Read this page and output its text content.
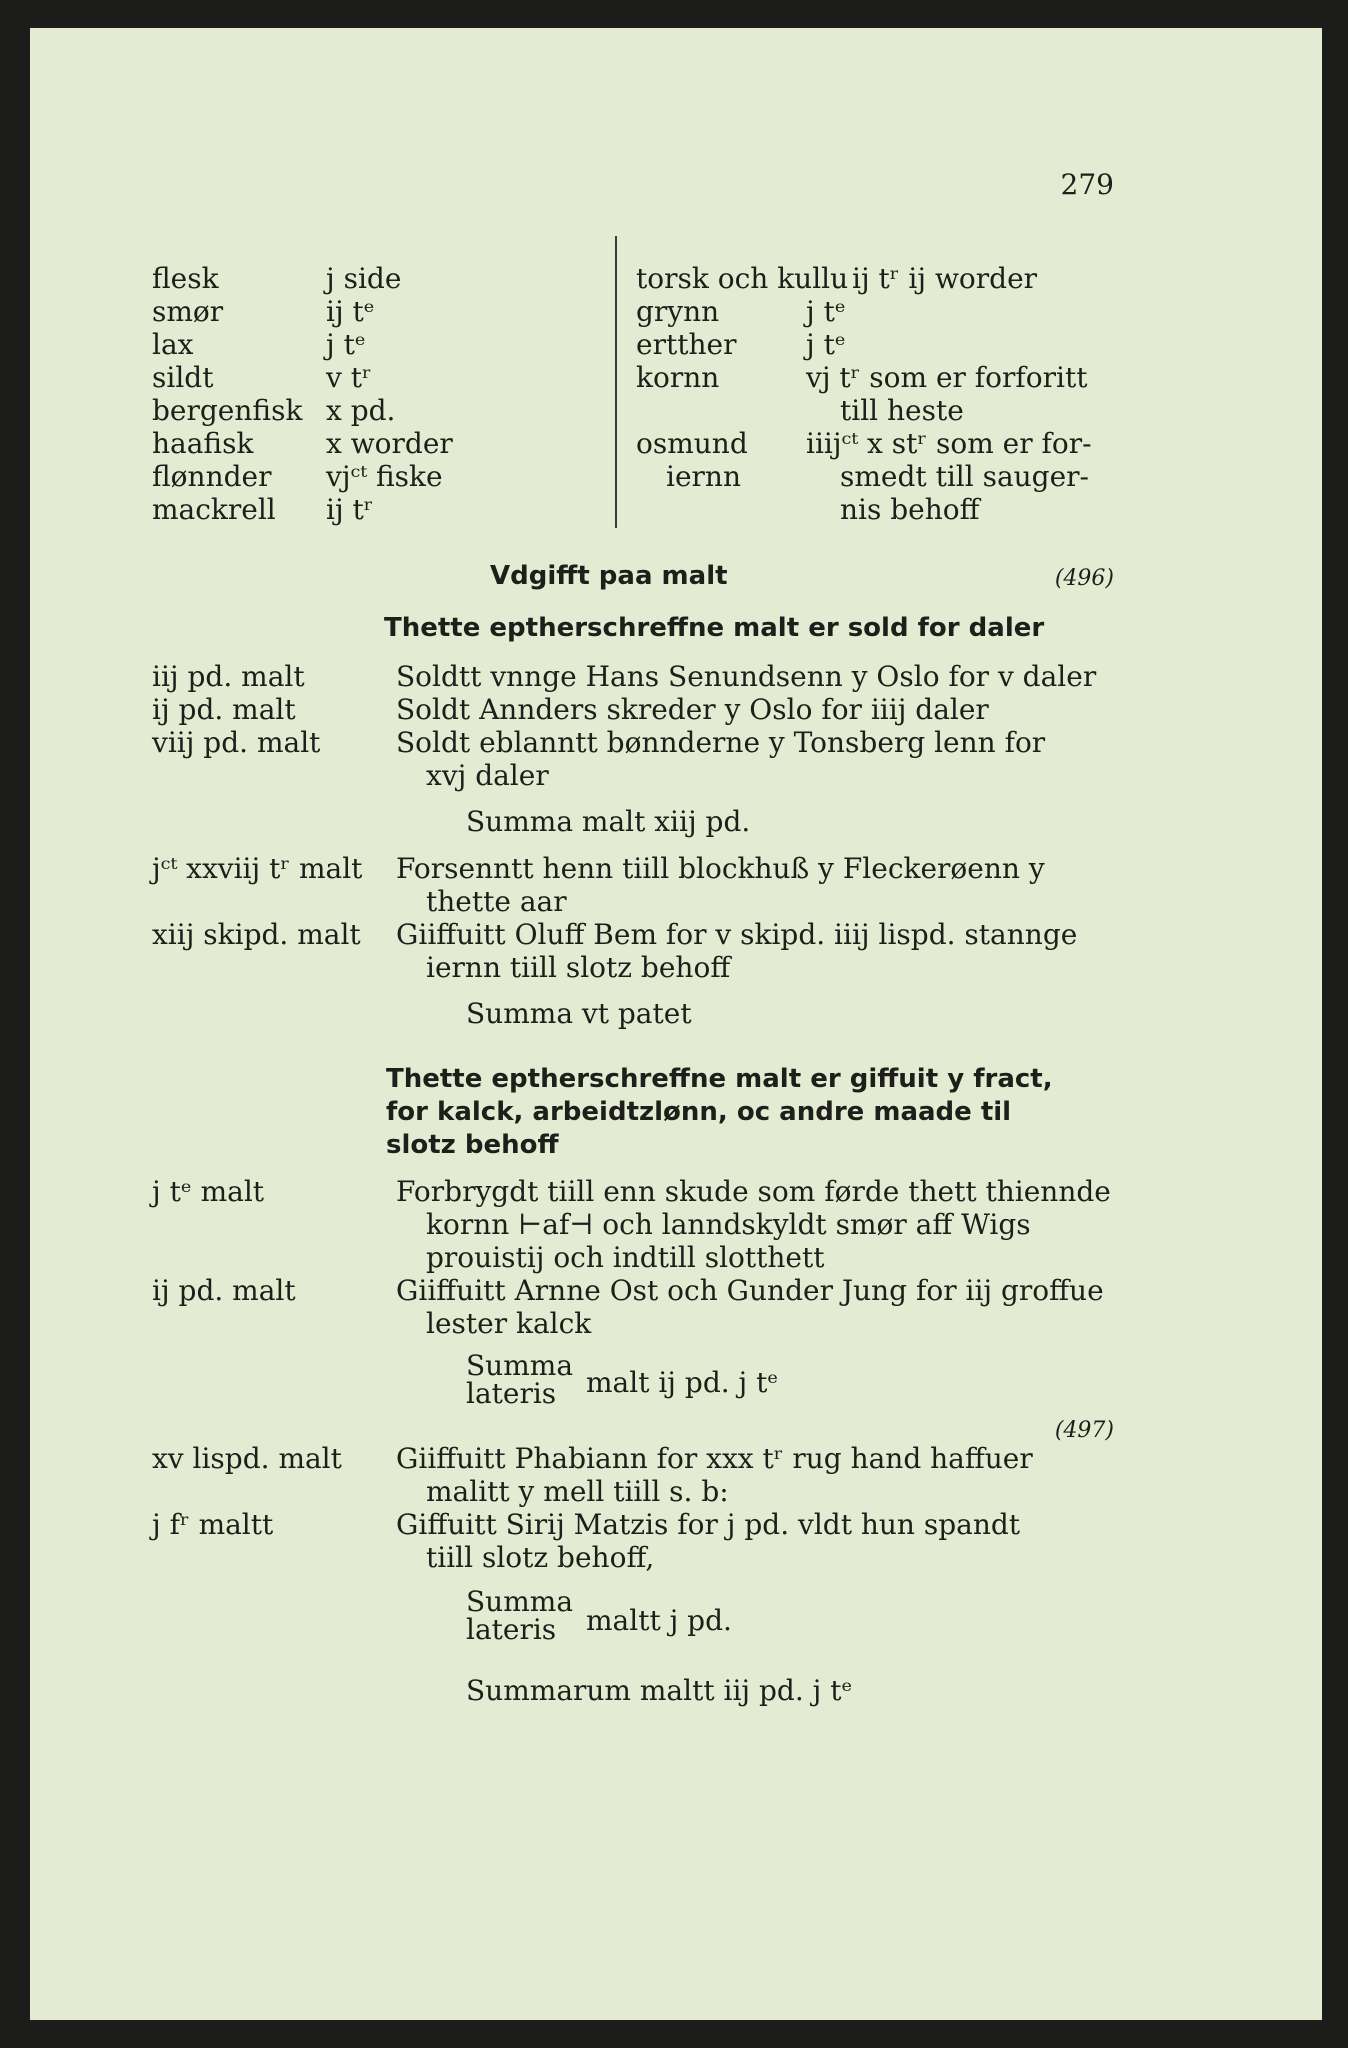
279
flesk	j side
smør	ij tᵉ
lax	j tᵉ
sildt	v tʳ
bergenfisk x pd.
haafisk	x worder
flønnder vjᶜᵗ fiske
mackrell ij tʳ
torsk och kullu ij tʳ ij worder
grynn	j tᵉ
ertther j tᵉ
kornn	vj tʳ som er forforitt
till heste
osmund iiijᶜᵗ x stʳ som er for-
iernn	smedt till sauger-
nis behoff
Vdgifft paa malt	(496)
Thette eptherschreffne malt er sold for daler
iij pd. malt	Soldtt vnnge Hans Senundsenn y Oslo for v daler
ij pd. malt	Soldt Annders skreder y Oslo for iiij daler
viij pd. malt	Soldt eblanntt bønnderne y Tonsberg lenn for
xvj daler
Summa malt xiij pd.
jᶜᵗ xxviij tʳ malt Forsenntt henn tiill blockhuß y Fleckerøenn y
thette aar
xiij skipd. malt Giiffuitt Oluff Bem for v skipd. iiij lispd. stannge
iernn tiill slotz behoff
Summa vt patet
Thette eptherschreffne malt er giffuit y fract,
for kalck, arbeidtzlønn, oc andre maade til
slotz behoff
j tᵉ malt	Forbrygdt tiill enn skude som førde thett thiennde
kornn ⊢af⊣ och lanndskyldt smør aff Wigs
prouistij och indtill slotthett
ij pd. malt	Giiffuitt Arnne Ost och Gunder Jung for iij groffue
lester kalck
Summa
lateris	malt ij pd. j tᵉ
(497)
xv lispd. malt Giiffuitt Phabiann for xxx tʳ rug hand haffuer
malitt y mell tiill s. b:
j fʳ maltt	Giffuitt Sirij Matzis for j pd. vldt hun spandt
tiill slotz behoff,
Summa
lateris	maltt j pd.
Summarum maltt iij pd. j tᵉ
